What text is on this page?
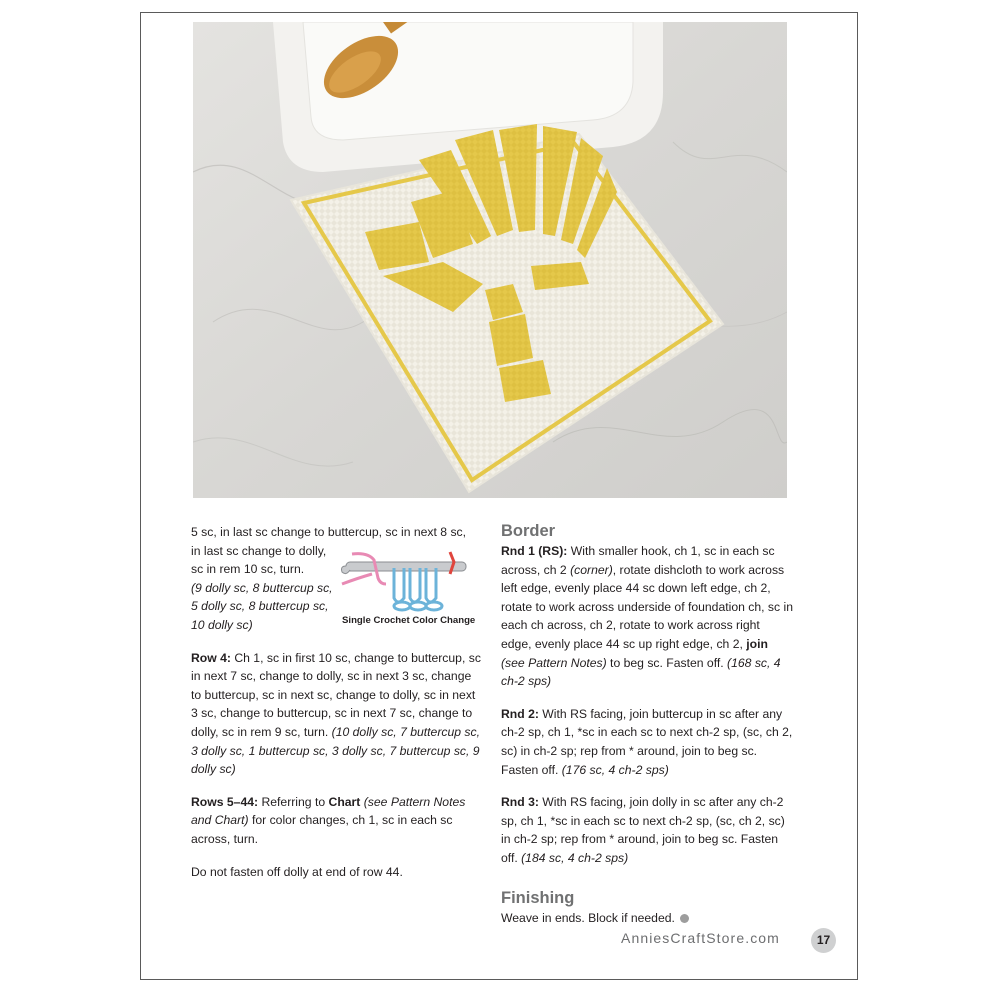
5 sc, in last sc change to buttercup, sc in next 8 sc,
in last sc change to dolly,
sc in rem 10 sc, turn.
(9 dolly sc, 8 buttercup sc,
5 dolly sc, 8 buttercup sc,
10 dolly sc)

Row 4: Ch 1, sc in first 10 sc, change to buttercup, sc in next 7 sc, change to dolly, sc in next 3 sc, change to buttercup, sc in next sc, change to dolly, sc in next 3 sc, change to buttercup, sc in next 7 sc, change to dolly, sc in rem 9 sc, turn. (10 dolly sc, 7 buttercup sc, 3 dolly sc, 1 buttercup sc, 3 dolly sc, 7 buttercup sc, 9 dolly sc)

Rows 5–44: Referring to Chart (see Pattern Notes and Chart) for color changes, ch 1, sc in each sc across, turn.

Do not fasten off dolly at end of row 44.

Single Crochet Color Change
Border

Rnd 1 (RS): With smaller hook, ch 1, sc in each sc across, ch 2 (corner), rotate dishcloth to work across left edge, evenly place 44 sc down left edge, ch 2, rotate to work across underside of foundation ch, sc in each ch across, ch 2, rotate to work across right edge, evenly place 44 sc up right edge, ch 2, join (see Pattern Notes) to beg sc. Fasten off. (168 sc, 4 ch-2 sps)

Rnd 2: With RS facing, join buttercup in sc after any ch-2 sp, ch 1, *sc in each sc to next ch-2 sp, (sc, ch 2, sc) in ch-2 sp; rep from * around, join to beg sc. Fasten off. (176 sc, 4 ch-2 sps)

Rnd 3: With RS facing, join dolly in sc after any ch-2 sp, ch 1, *sc in each sc to next ch-2 sp, (sc, ch 2, sc) in ch-2 sp; rep from * around, join to beg sc. Fasten off. (184 sc, 4 ch-2 sps)

Finishing

Weave in ends. Block if needed.

AnniesCraftStore.com	17
